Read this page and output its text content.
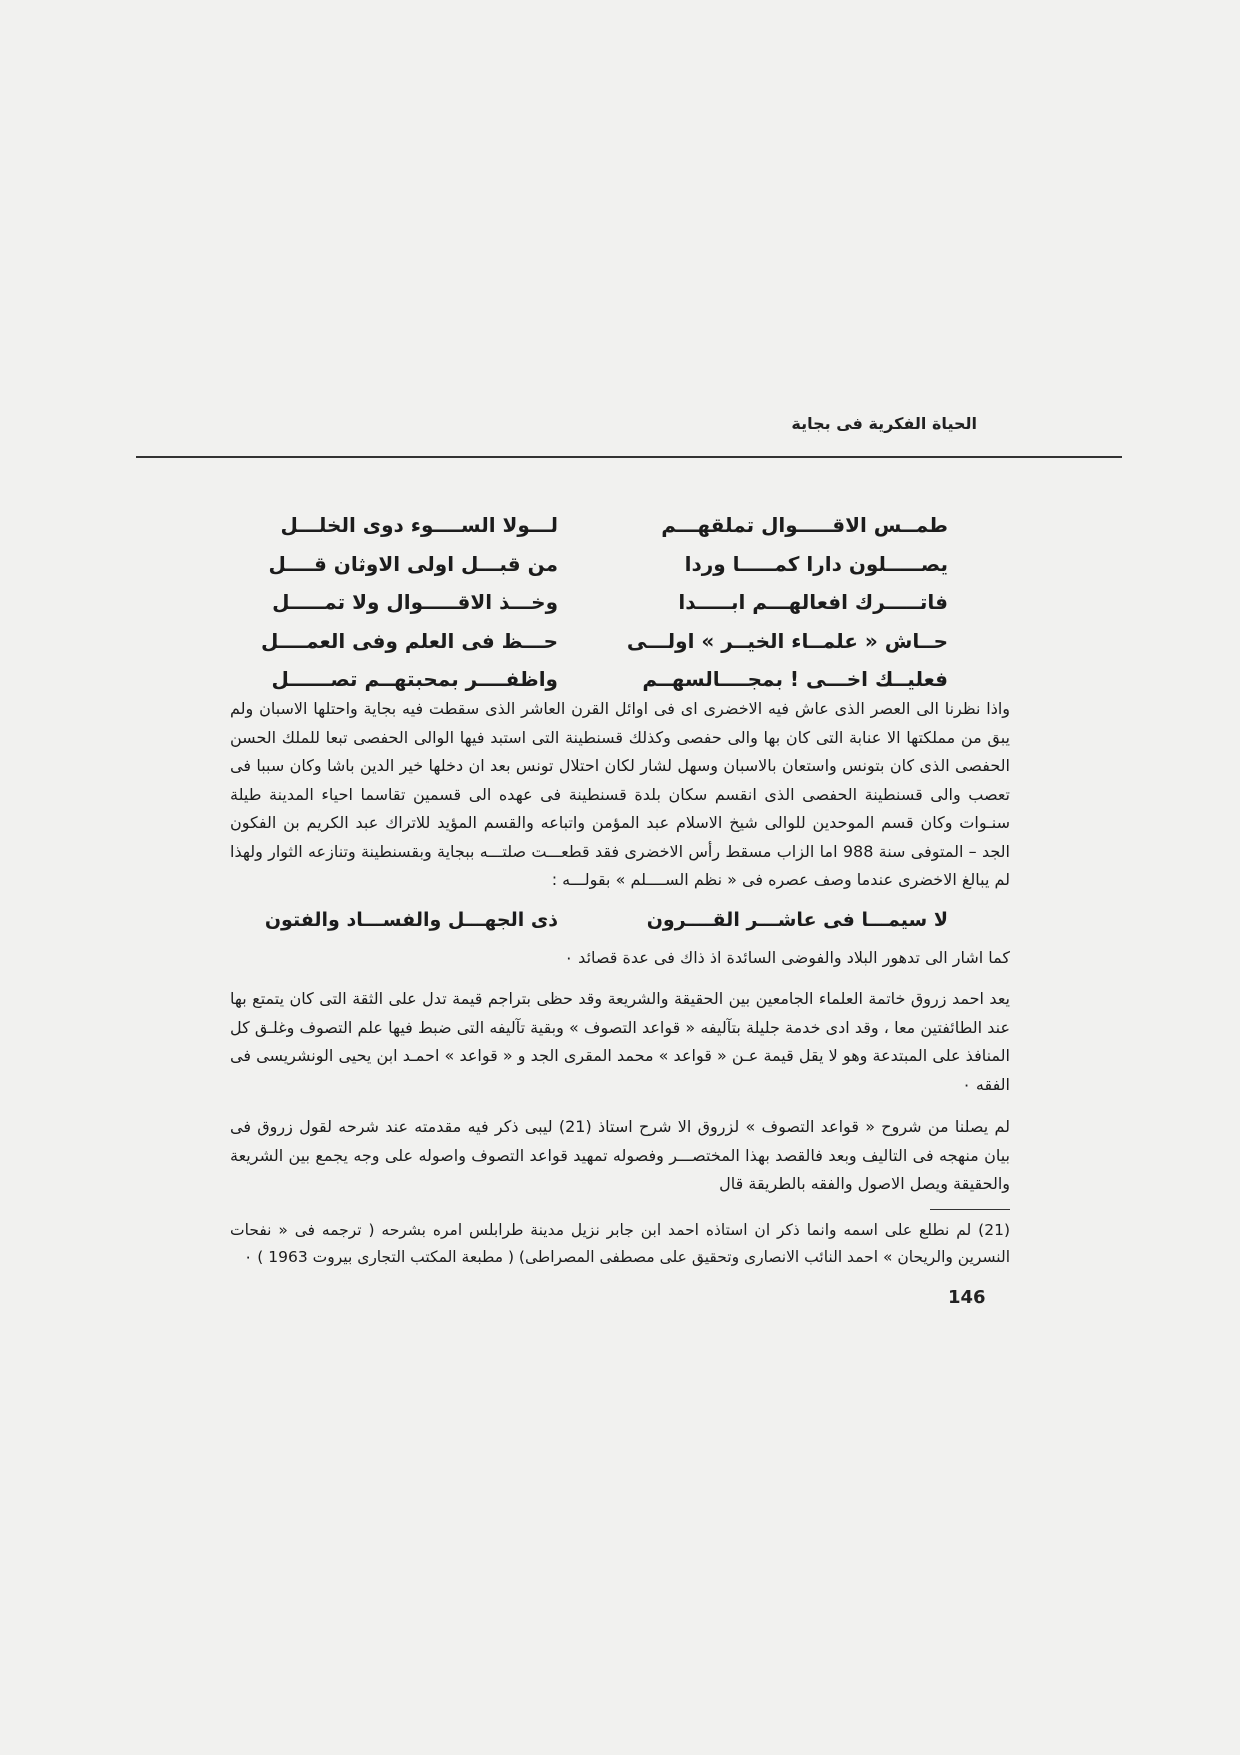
الحياة الفكرية فى بجاية
طمــس الاقـــــوال تملقهـــم
لـــولا الســــوء دوى الخلـــل
يصـــــلون دارا كمـــــا وردا
من قبـــل اولى الاوثان قــــل
فاتـــــرك افعالهـــم ابـــــدا
وخـــذ الاقـــــوال ولا تمـــــل
حــاش « علمــاء الخيــر » اولـــى
حـــظ فى العلم وفى العمــــل
فعليــك اخـــى ! بمجــــالسهــم
واظفــــر بمحبتهــم تصــــــل

واذا نظرنا الى العصر الذى عاش فيه الاخضرى اى فى اوائل القرن العاشر الذى سقطت فيه بجاية واحتلها الاسبان ولم يبق من مملكتها الا عنابة التى كان بها والى حفصى وكذلك قسنطينة التى استبد فيها الوالى الحفصى تبعا للملك الحسن الحفصى الذى كان بتونس واستعان بالاسبان وسهل لشار لكان احتلال تونس بعد ان دخلها خير الدين باشا وكان سببا فى تعصب والى قسنطينة الحفصى الذى انقسم سكان بلدة قسنطينة فى عهده الى قسمين تقاسما احياء المدينة طيلة سنـوات وكان قسم الموحدين للوالى شيخ الاسلام عبد المؤمن واتباعه والقسم المؤيد للاتراك عبد الكريم بن الفكون الجد – المتوفى سنة 988 اما الزاب مسقط رأس الاخضرى فقد قطعـــت صلتـــه ببجاية وبقسنطينة وتنازعه الثوار ولهذا لم يبالغ الاخضرى عندما وصف عصره فى « نظم الســــلم » بقولـــه :

لا سيمـــا فى عاشـــر القــــرون
ذى الجهـــل والفســـاد والفتون

كما اشار الى تدهور البلاد والفوضى السائدة اذ ذاك فى عدة قصائد ٠

يعد احمد زروق خاتمة العلماء الجامعين بين الحقيقة والشريعة وقد حظى بتراجم قيمة تدل على الثقة التى كان يتمتع بها عند الطائفتين معا ، وقد ادى خدمة جليلة بتآليفه « قواعد التصوف » وبقية تآليفه التى ضبط فيها علم التصوف وغلـق كل المنافذ على المبتدعة وهو لا يقل قيمة عـن « قواعد » محمد المقرى الجد و « قواعد » احمـد ابن يحيى الونشريسى فى الفقه ٠

لم يصلنا من شروح « قواعد التصوف » لزروق الا شرح استاذ (21) ليبى ذكر فيه مقدمته عند شرحه لقول زروق فى بيان منهجه فى التاليف وبعد فالقصد بهذا المختصـــر وفصوله تمهيد قواعد التصوف واصوله على وجه يجمع بين الشريعة والحقيقة ويصل الاصول والفقه بالطريقة قال

(21) لم نطلع على اسمه وانما ذكر ان استاذه احمد ابن جابر نزيل مدينة طرابلس امره بشرحه ( ترجمه فى « نفحات النسرين والريحان » احمد النائب الانصارى وتحقيق على مصطفى المصراطى) ( مطبعة المكتب التجارى بيروت 1963 ) ٠

146
